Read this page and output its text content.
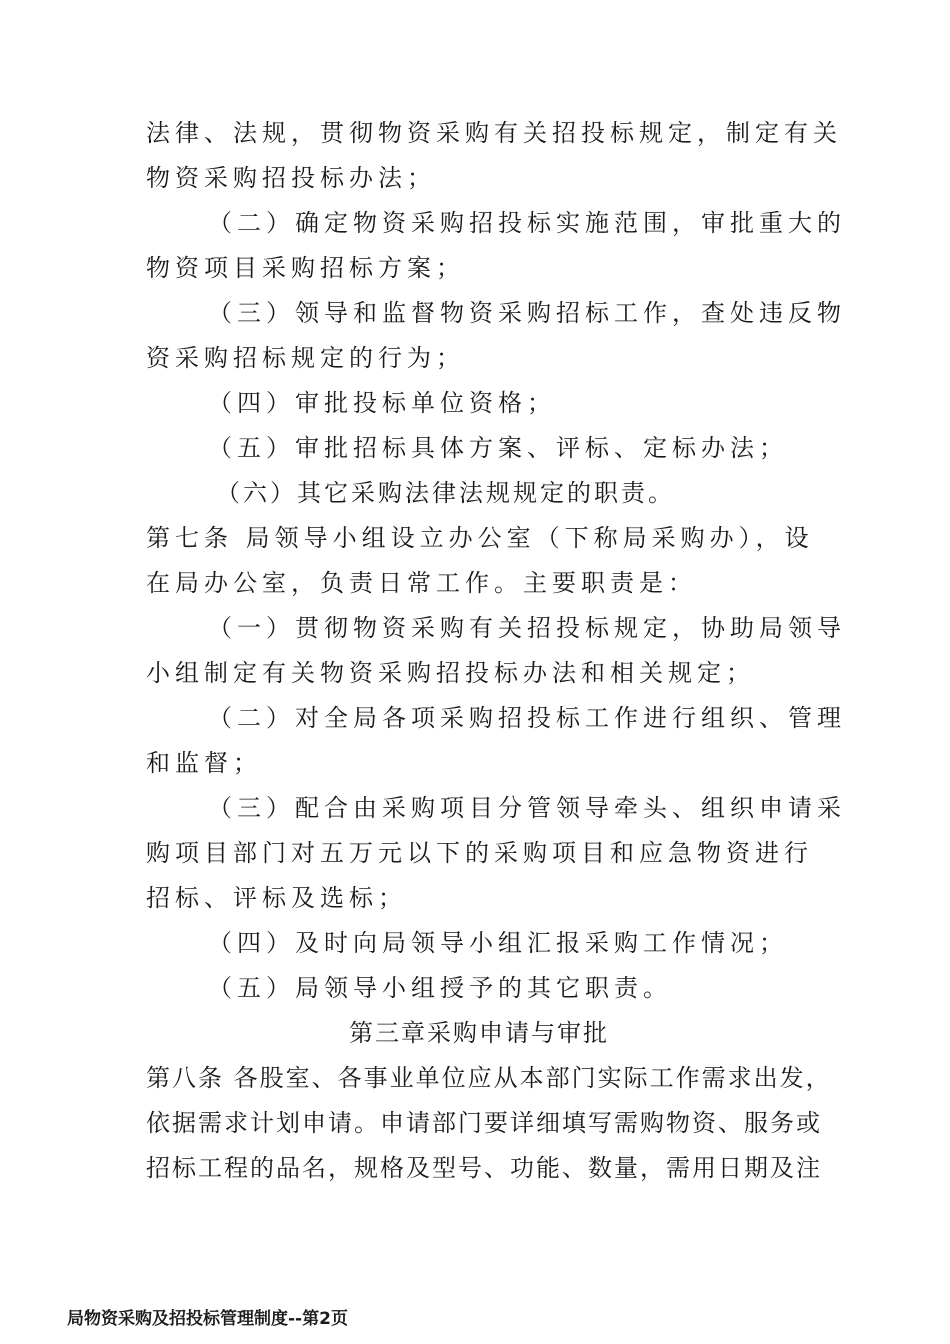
法律、法规，贯彻物资采购有关招投标规定，制定有关
物资采购招投标办法；
（二）确定物资采购招投标实施范围，审批重大的
物资项目采购招标方案；
（三）领导和监督物资采购招标工作，查处违反物
资采购招标规定的行为；
（四）审批投标单位资格；
（五）审批招标具体方案、评标、定标办法；
（六）其它采购法律法规规定的职责。
第七条 局领导小组设立办公室（下称局采购办），设
在局办公室，负责日常工作。主要职责是：
（一）贯彻物资采购有关招投标规定，协助局领导
小组制定有关物资采购招投标办法和相关规定；
（二）对全局各项采购招投标工作进行组织、管理
和监督；
（三）配合由采购项目分管领导牵头、组织申请采
购项目部门对五万元以下的采购项目和应急物资进行
招标、评标及选标；
（四）及时向局领导小组汇报采购工作情况；
（五）局领导小组授予的其它职责。
第三章采购申请与审批
第八条 各股室、各事业单位应从本部门实际工作需求出发，
依据需求计划申请。申请部门要详细填写需购物资、服务或
招标工程的品名，规格及型号、功能、数量，需用日期及注
局物资采购及招投标管理制度--第2页
